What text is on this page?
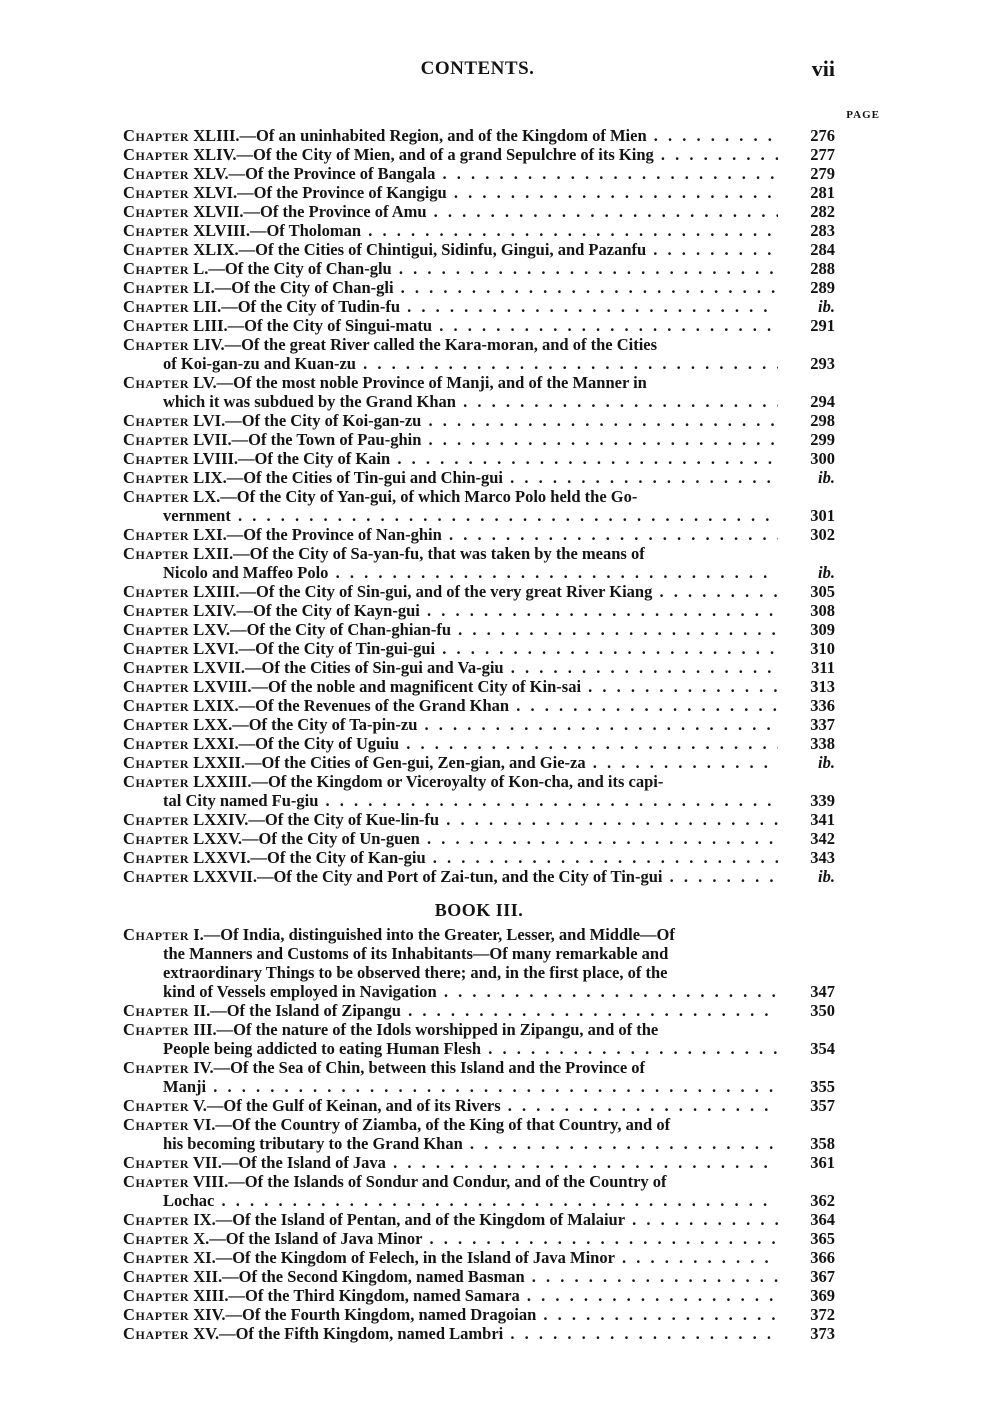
CONTENTS.	vii
PAGE
Chapter XLIII.—Of an uninhabited Region, and of the Kingdom of Mien . . .	276
Chapter XLIV.—Of the City of Mien, and of a grand Sepulchre of its King . . .	277
Chapter XLV.—Of the Province of Bangala . . .	279
Chapter XLVI.—Of the Province of Kangigu . . .	281
Chapter XLVII.—Of the Province of Amu . . .	282
Chapter XLVIII.—Of Tholoman . . .	283
Chapter XLIX.—Of the Cities of Chintigui, Sidinfu, Gingui, and Pazanfu . . .	284
Chapter L.—Of the City of Chan-glu . . .	288
Chapter LI.—Of the City of Chan-gli . . .	289
Chapter LII.—Of the City of Tudin-fu . . .	ib.
Chapter LIII.—Of the City of Singui-matu . . .	291
Chapter LIV.—Of the great River called the Kara-moran, and of the Cities
of Koi-gan-zu and Kuan-zu . . .	293
Chapter LV.—Of the most noble Province of Manji, and of the Manner in
which it was subdued by the Grand Khan . . .	294
Chapter LVI.—Of the City of Koi-gan-zu . . .	298
Chapter LVII.—Of the Town of Pau-ghin . . .	299
Chapter LVIII.—Of the City of Kain . . .	300
Chapter LIX.—Of the Cities of Tin-gui and Chin-gui . . .	ib.
Chapter LX.—Of the City of Yan-gui, of which Marco Polo held the Go-
vernment . . .	301
Chapter LXI.—Of the Province of Nan-ghin . . .	302
Chapter LXII.—Of the City of Sa-yan-fu, that was taken by the means of
Nicolo and Maffeo Polo . . .	ib.
Chapter LXIII.—Of the City of Sin-gui, and of the very great River Kiang . . .	305
Chapter LXIV.—Of the City of Kayn-gui . . .	308
Chapter LXV.—Of the City of Chan-ghian-fu . . .	309
Chapter LXVI.—Of the City of Tin-gui-gui . . .	310
Chapter LXVII.—Of the Cities of Sin-gui and Va-giu . . .	311
Chapter LXVIII.—Of the noble and magnificent City of Kin-sai . . .	313
Chapter LXIX.—Of the Revenues of the Grand Khan . . .	336
Chapter LXX.—Of the City of Ta-pin-zu . . .	337
Chapter LXXI.—Of the City of Uguiu . . .	338
Chapter LXXII.—Of the Cities of Gen-gui, Zen-gian, and Gie-za . . .	ib.
Chapter LXXIII.—Of the Kingdom or Viceroyalty of Kon-cha, and its capi-
tal City named Fu-giu . . .	339
Chapter LXXIV.—Of the City of Kue-lin-fu . . .	341
Chapter LXXV.—Of the City of Un-guen . . .	342
Chapter LXXVI.—Of the City of Kan-giu . . .	343
Chapter LXXVII.—Of the City and Port of Zai-tun, and the City of Tin-gui . . .	ib.
BOOK III.
Chapter I.—Of India, distinguished into the Greater, Lesser, and Middle—Of
the Manners and Customs of its Inhabitants—Of many remarkable and
extraordinary Things to be observed there; and, in the first place, of the
kind of Vessels employed in Navigation . . .	347
Chapter II.—Of the Island of Zipangu . . .	350
Chapter III.—Of the nature of the Idols worshipped in Zipangu, and of the
People being addicted to eating Human Flesh . . .	354
Chapter IV.—Of the Sea of Chin, between this Island and the Province of
Manji . . .	355
Chapter V.—Of the Gulf of Keinan, and of its Rivers . . .	357
Chapter VI.—Of the Country of Ziamba, of the King of that Country, and of
his becoming tributary to the Grand Khan . . .	358
Chapter VII.—Of the Island of Java . . .	361
Chapter VIII.—Of the Islands of Sondur and Condur, and of the Country of
Lochac . . .	362
Chapter IX.—Of the Island of Pentan, and of the Kingdom of Malaiur . . .	364
Chapter X.—Of the Island of Java Minor . . .	365
Chapter XI.—Of the Kingdom of Felech, in the Island of Java Minor . . .	366
Chapter XII.—Of the Second Kingdom, named Basman . . .	367
Chapter XIII.—Of the Third Kingdom, named Samara . . .	369
Chapter XIV.—Of the Fourth Kingdom, named Dragoian . . .	372
Chapter XV.—Of the Fifth Kingdom, named Lambri . . .	373
